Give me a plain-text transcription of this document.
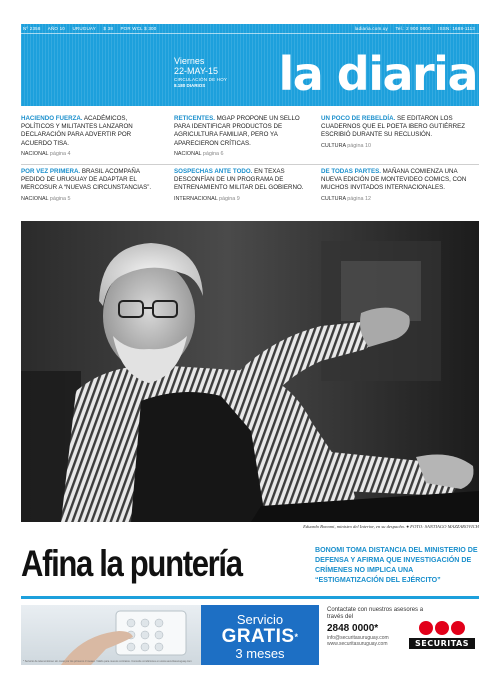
Nº 2358 AÑO 10 URUGUAY $ 38 POR WCL $ 300	ladiaria.com.uy Tel.: 2 900 0800 ISSN: 1688-1113
Viernes
22-MAY-15
CIRCULACIÓN DE HOY
8.180 DIARIOS	la diaria
HACIENDO FUERZA. ACADÉMICOS, POLÍTICOS Y MILITANTES LANZARON DECLARACIÓN PARA ADVERTIR POR ACUERDO TISA.
NACIONAL página 4
RETICENTES. MGAP PROPONE UN SELLO PARA IDENTIFICAR PRODUCTOS DE AGRICULTURA FAMILIAR, PERO YA APARECIERON CRÍTICAS.
NACIONAL página 6
UN POCO DE REBELDÍA. SE EDITARON LOS CUADERNOS QUE EL POETA IBERO GUTIÉRREZ ESCRIBIÓ DURANTE SU RECLUSIÓN.
CULTURA página 10
POR VEZ PRIMERA. BRASIL ACOMPAÑA PEDIDO DE URUGUAY DE ADAPTAR EL MERCOSUR A “NUEVAS CIRCUNSTANCIAS”.
NACIONAL página 5
SOSPECHAS ANTE TODO. EN TEXAS DESCONFÍAN DE UN PROGRAMA DE ENTRENAMIENTO MILITAR DEL GOBIERNO.
INTERNACIONAL página 9
DE TODAS PARTES. MAÑANA COMIENZA UNA NUEVA EDICIÓN DE MONTEVIDEO COMICS, CON MUCHOS INVITADOS INTERNACIONALES.
CULTURA página 12
Eduardo Bonomi, ministro del Interior, en su despacho. ● FOTO: SANTIAGO MAZZAROVICH
Afina la puntería	BONOMI TOMA DISTANCIA DEL MINISTERIO DE DEFENSA Y AFIRMA QUE INVESTIGACIÓN DE CRÍMENES NO IMPLICA UNA “ESTIGMATIZACIÓN DEL EJÉRCITO”
* Servicio de telemonitoreo sin costo por los primeros 3 meses. Válido para nuevos contratos. Consulte condiciones en www.securitasuruguay.com
Servicio
GRATIS*
3 meses
Contactate con nuestros asesores a través del
2848 0000*
info@securitasuruguay.com
www.securitasuruguay.com	SECURITAS
